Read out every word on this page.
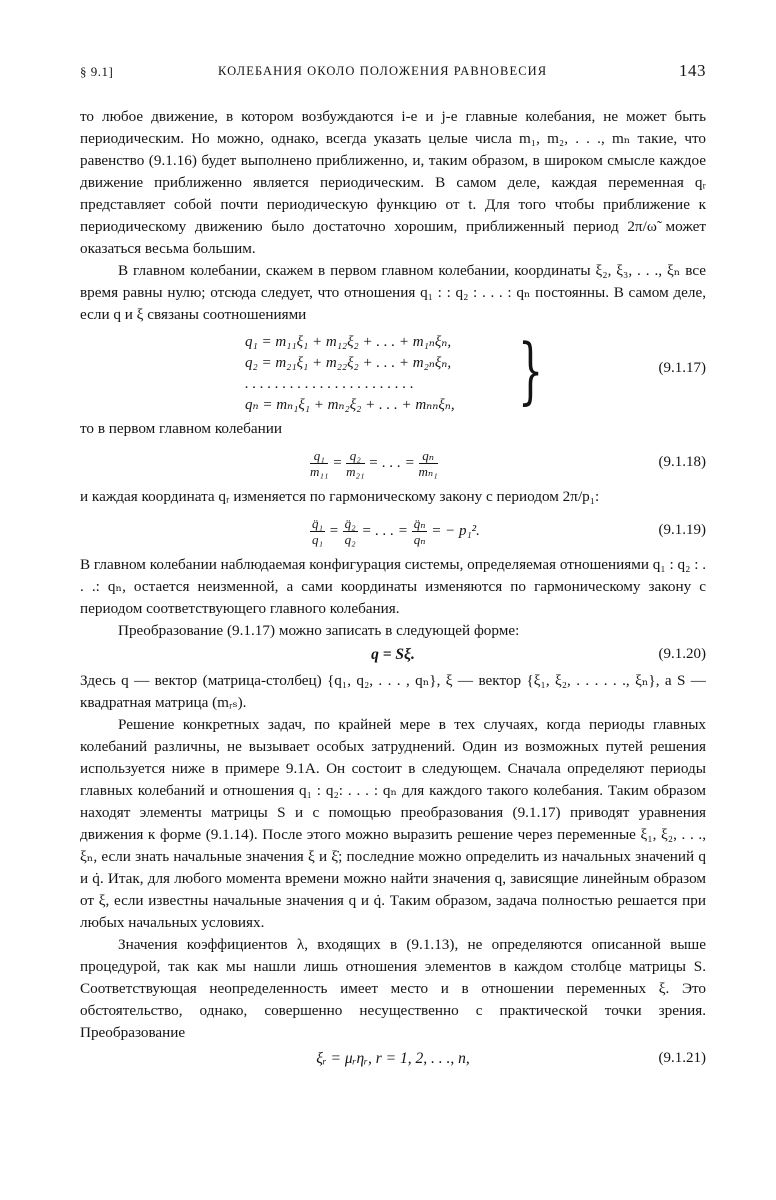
§ 9.1]	КОЛЕБАНИЯ ОКОЛО ПОЛОЖЕНИЯ РАВНОВЕСИЯ	143

то любое движение, в котором возбуждаются i-е и j-е главные колебания, не может быть периодическим. Но можно, однако, всегда указать целые числа m₁, m₂, . . ., mₙ такие, что равенство (9.1.16) будет выполнено приближенно, и, таким образом, в широком смысле каждое движение приближенно является периодическим. В самом деле, каждая переменная qᵣ представляет собой почти периодическую функцию от t. Для того чтобы приближение к периодическому движению было достаточно хорошим, приближенный период 2π/ω̃ может оказаться весьма большим.

В главном колебании, скажем в первом главном колебании, координаты ξ₂, ξ₃, . . ., ξₙ все время равны нулю; отсюда следует, что отношения q₁ : : q₂ : . . . : qₙ постоянны. В самом деле, если q и ξ связаны соотношениями

q₁ = m₁₁ξ₁ + m₁₂ξ₂ + . . . + m₁ₙξₙ,
q₂ = m₂₁ξ₁ + m₂₂ξ₂ + . . . + m₂ₙξₙ,
. . . . . . . . . . . . . . . . . . . . . . .
qₙ = mₙ₁ξ₁ + mₙ₂ξ₂ + . . . + mₙₙξₙ, }	(9.1.17)

то в первом главном колебании

$\frac{\text{q₁}}{\text{m₁₁}} = \frac{\text{q₂}}{\text{m₂₁}}$ = . . . = $\frac{\text{qₙ}}{\text{mₙ₁}}$	(9.1.18)

и каждая координата qᵣ изменяется по гармоническому закону с периодом 2π/p₁:

$\frac{\text{q̈₁}}{\text{q₁}} = \frac{\text{q̈₂}}{\text{q₂}}$ = . . . = $\frac{\text{q̈ₙ}}{\text{qₙ}}$ = − p₁².	(9.1.19)

В главном колебании наблюдаемая конфигурация системы, определяемая отношениями q₁ : q₂ : . . .: qₙ, остается неизменной, а сами координаты изменяются по гармоническому закону с периодом соответствующего главного колебания.

Преобразование (9.1.17) можно записать в следующей форме:

q = Sξ.	(9.1.20)

Здесь q — вектор (матрица-столбец) {q₁, q₂, . . . , qₙ}, ξ — вектор {ξ₁, ξ₂, . . . . . ., ξₙ}, a S — квадратная матрица (mᵣₛ).

Решение конкретных задач, по крайней мере в тех случаях, когда периоды главных колебаний различны, не вызывает особых затруднений. Один из возможных путей решения используется ниже в примере 9.1А. Он состоит в следующем. Сначала определяют периоды главных колебаний и отношения q₁ : q₂: . . . : qₙ для каждого такого колебания. Таким образом находят элементы матрицы S и с помощью преобразования (9.1.17) приводят уравнения движения к форме (9.1.14). После этого можно выразить решение через переменные ξ₁, ξ₂, . . ., ξₙ, если знать начальные значения ξ и ξ̇; последние можно определить из начальных значений q и q̇. Итак, для любого момента времени можно найти значения q, зависящие линейным образом от ξ, если известны начальные значения q и q̇. Таким образом, задача полностью решается при любых начальных условиях.

Значения коэффициентов λ, входящих в (9.1.13), не определяются описанной выше процедурой, так как мы нашли лишь отношения элементов в каждом столбце матрицы S. Соответствующая неопределенность имеет место и в отношении переменных ξ. Это обстоятельство, однако, совершенно несущественно с практической точки зрения. Преобразование

ξᵣ = μᵣηᵣ, r = 1, 2, . . ., n,	(9.1.21)
